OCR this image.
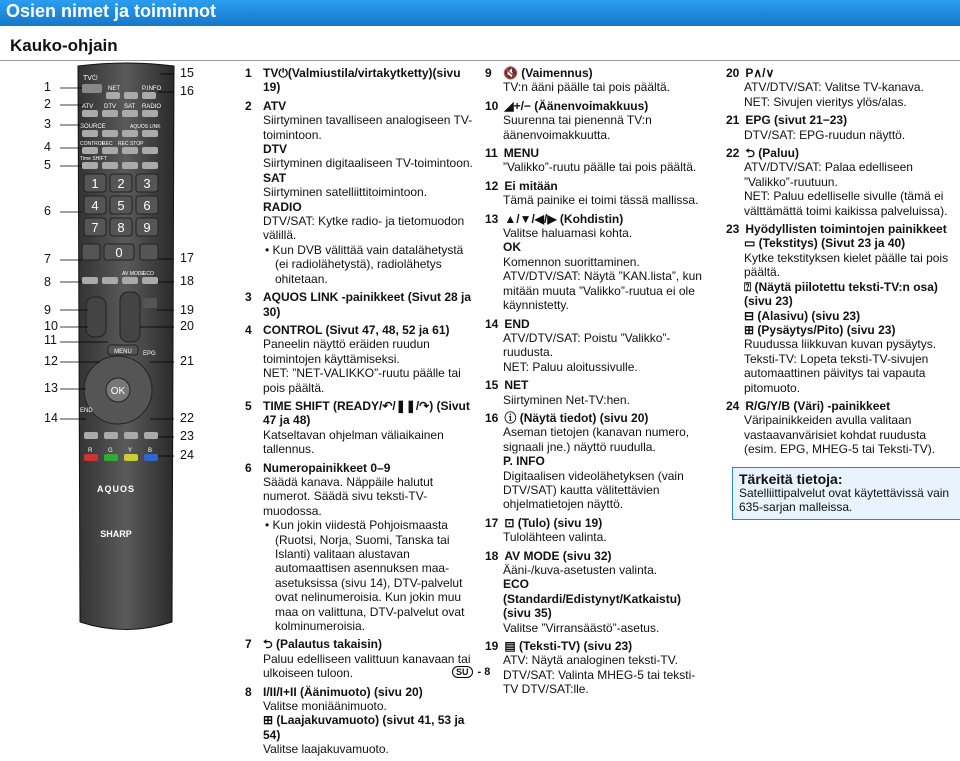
Osien nimet ja toiminnot
Kauko-ohjain
TV⏻
NET	P.INFO
ATV DTV SAT RADIO
SOURCE	AQUOS LINK
CONTROL
REC REC STOP
Time SHIFT
1 2 3
4 5 6
7 8 9
0
AV MODE
ECO
MENU EPG
OK
END
R	G	Y	B
AQUOS
SHARP
1
2
3
4
5
6
7
8
9
10
11
12
13
14
15
16
17
18
19
20
21
22
23
24
1 TV⏻(Valmiustila/virtakytketty)(sivu 19)
2 ATV
Siirtyminen tavalliseen analogiseen TV-toimintoon.
DTV
Siirtyminen digitaaliseen TV-toimintoon.
SAT
Siirtyminen satelliittitoimintoon.
RADIO
DTV/SAT: Kytke radio- ja tietomuodon välillä.
• Kun DVB välittää vain datalähetystä (ei radiolähetystä), radiolähetys ohitetaan.
3 AQUOS LINK -painikkeet (Sivut 28 ja 30)
4 CONTROL (Sivut 47, 48, 52 ja 61)
Paneelin näyttö eräiden ruudun toimintojen käyttämiseksi.
NET: ”NET-VALIKKO”-ruutu päälle tai pois päältä.
5 TIME SHIFT (READY/↶/❚❚/↷) (Sivut 47 ja 48)
Katseltavan ohjelman väliaikainen tallennus.
6 Numeropainikkeet 0–9
Säädä kanava. Näppäile halutut numerot. Säädä sivu teksti-TV-muodossa.
• Kun jokin viidestä Pohjoismaasta (Ruotsi, Norja, Suomi, Tanska tai Islanti) valitaan alustavan automaattisen asennuksen maa-asetuksissa (sivu 14), DTV-palvelut ovat nelinumeroisia. Kun jokin muu maa on valittuna, DTV-palvelut ovat kolminumeroisia.
7 ⮌ (Palautus takaisin)
Paluu edelliseen valittuun kanavaan tai ulkoiseen tuloon.
8 I/II/I+II (Äänimuoto) (sivu 20)
Valitse moniäänimuoto.
⊞ (Laajakuvamuoto) (sivut 41, 53 ja 54)
Valitse laajakuvamuoto.
9 🔇 (Vaimennus)
TV:n ääni päälle tai pois päältä.
10 ◢+/− (Äänenvoimakkuus)
Suurenna tai pienennä TV:n äänenvoimakkuutta.
11 MENU
”Valikko”-ruutu päälle tai pois päältä.
12 Ei mitään
Tämä painike ei toimi tässä mallissa.
13 ▲/▼/◀/▶ (Kohdistin)
Valitse haluamasi kohta.
OK
Komennon suorittaminen.
ATV/DTV/SAT: Näytä ”KAN.lista”, kun mitään muuta ”Valikko”-ruutua ei ole käynnistetty.
14 END
ATV/DTV/SAT: Poistu ”Valikko”-ruudusta.
NET: Paluu aloitussivulle.
15 NET
Siirtyminen Net-TV:hen.
16 ⓘ (Näytä tiedot) (sivu 20)
Aseman tietojen (kanavan numero, signaali jne.) näyttö ruudulla.
P. INFO
Digitaalisen videolähetyksen (vain DTV/SAT) kautta välitettävien ohjelmatietojen näyttö.
17 ⊡ (Tulo) (sivu 19)
Tulolähteen valinta.
18 AV MODE (sivu 32)
Ääni-/kuva-asetusten valinta.
ECO (Standardi/Edistynyt/Katkaistu) (sivu 35)
Valitse ”Virransäästö”-asetus.
19 ▤ (Teksti-TV) (sivu 23)
ATV: Näytä analoginen teksti-TV.
DTV/SAT: Valinta MHEG-5 tai teksti-TV DTV/SAT:lle.
20 P∧/∨
ATV/DTV/SAT: Valitse TV-kanava.
NET: Sivujen vieritys ylös/alas.
21 EPG (sivut 21−23)
DTV/SAT: EPG-ruudun näyttö.
22 ⮌ (Paluu)
ATV/DTV/SAT: Palaa edelliseen ”Valikko”-ruutuun.
NET: Paluu edelliselle sivulle (tämä ei välttämättä toimi kaikissa palveluissa).
23 Hyödyllisten toimintojen painikkeet
▭ (Tekstitys) (Sivut 23 ja 40)
Kytke tekstityksen kielet päälle tai pois päältä.
⍰ (Näytä piilotettu teksti-TV:n osa) (sivu 23)
⊟ (Alasivu) (sivu 23)
⊞ (Pysäytys/Pito) (sivu 23)
Ruudussa liikkuvan kuvan pysäytys. Teksti-TV: Lopeta teksti-TV-sivujen automaattinen päivitys tai vapauta pitomuoto.
24 R/G/Y/B (Väri) -painikkeet
Väripainikkeiden avulla valitaan vastaavanvärisiet kohdat ruudusta (esim. EPG, MHEG-5 tai Teksti-TV).
Tärkeitä tietoja:
Satelliittipalvelut ovat käytettävissä vain 635-sarjan malleissa.
SU - 8
